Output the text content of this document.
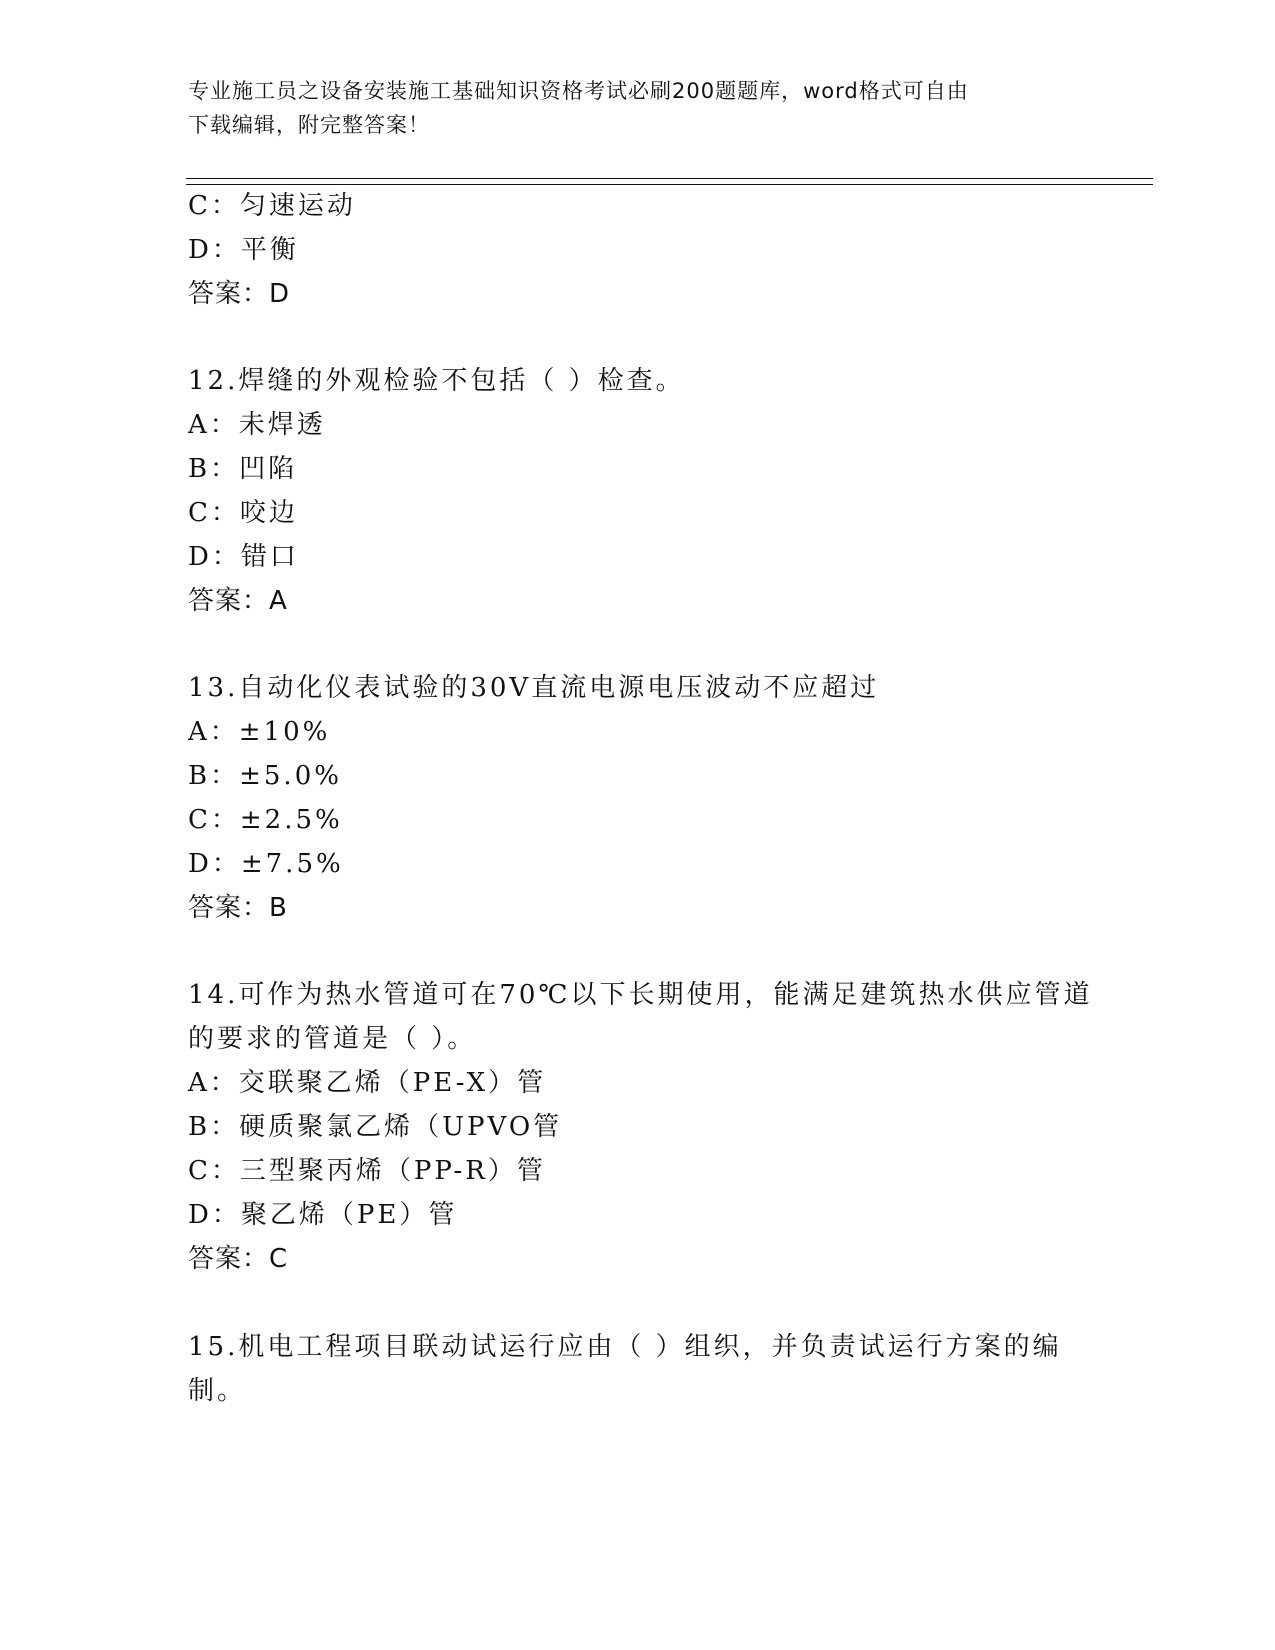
专业施工员之设备安装施工基础知识资格考试必刷200题题库，word格式可自由
下载编辑，附完整答案！
C：匀速运动
D：平衡
答案：D
12.焊缝的外观检验不包括（ ）检查。
A：未焊透
B：凹陷
C：咬边
D：错口
答案：A
13.自动化仪表试验的30V直流电源电压波动不应超过
A：±10%
B：±5.0%
C：±2.5%
D：±7.5%
答案：B
14.可作为热水管道可在70℃以下长期使用，能满足建筑热水供应管道
的要求的管道是（ ）。
A：交联聚乙烯（PE-X）管
B：硬质聚氯乙烯（UPVO管
C：三型聚丙烯（PP-R）管
D：聚乙烯（PE）管
答案：C
15.机电工程项目联动试运行应由（ ）组织，并负责试运行方案的编
制。
